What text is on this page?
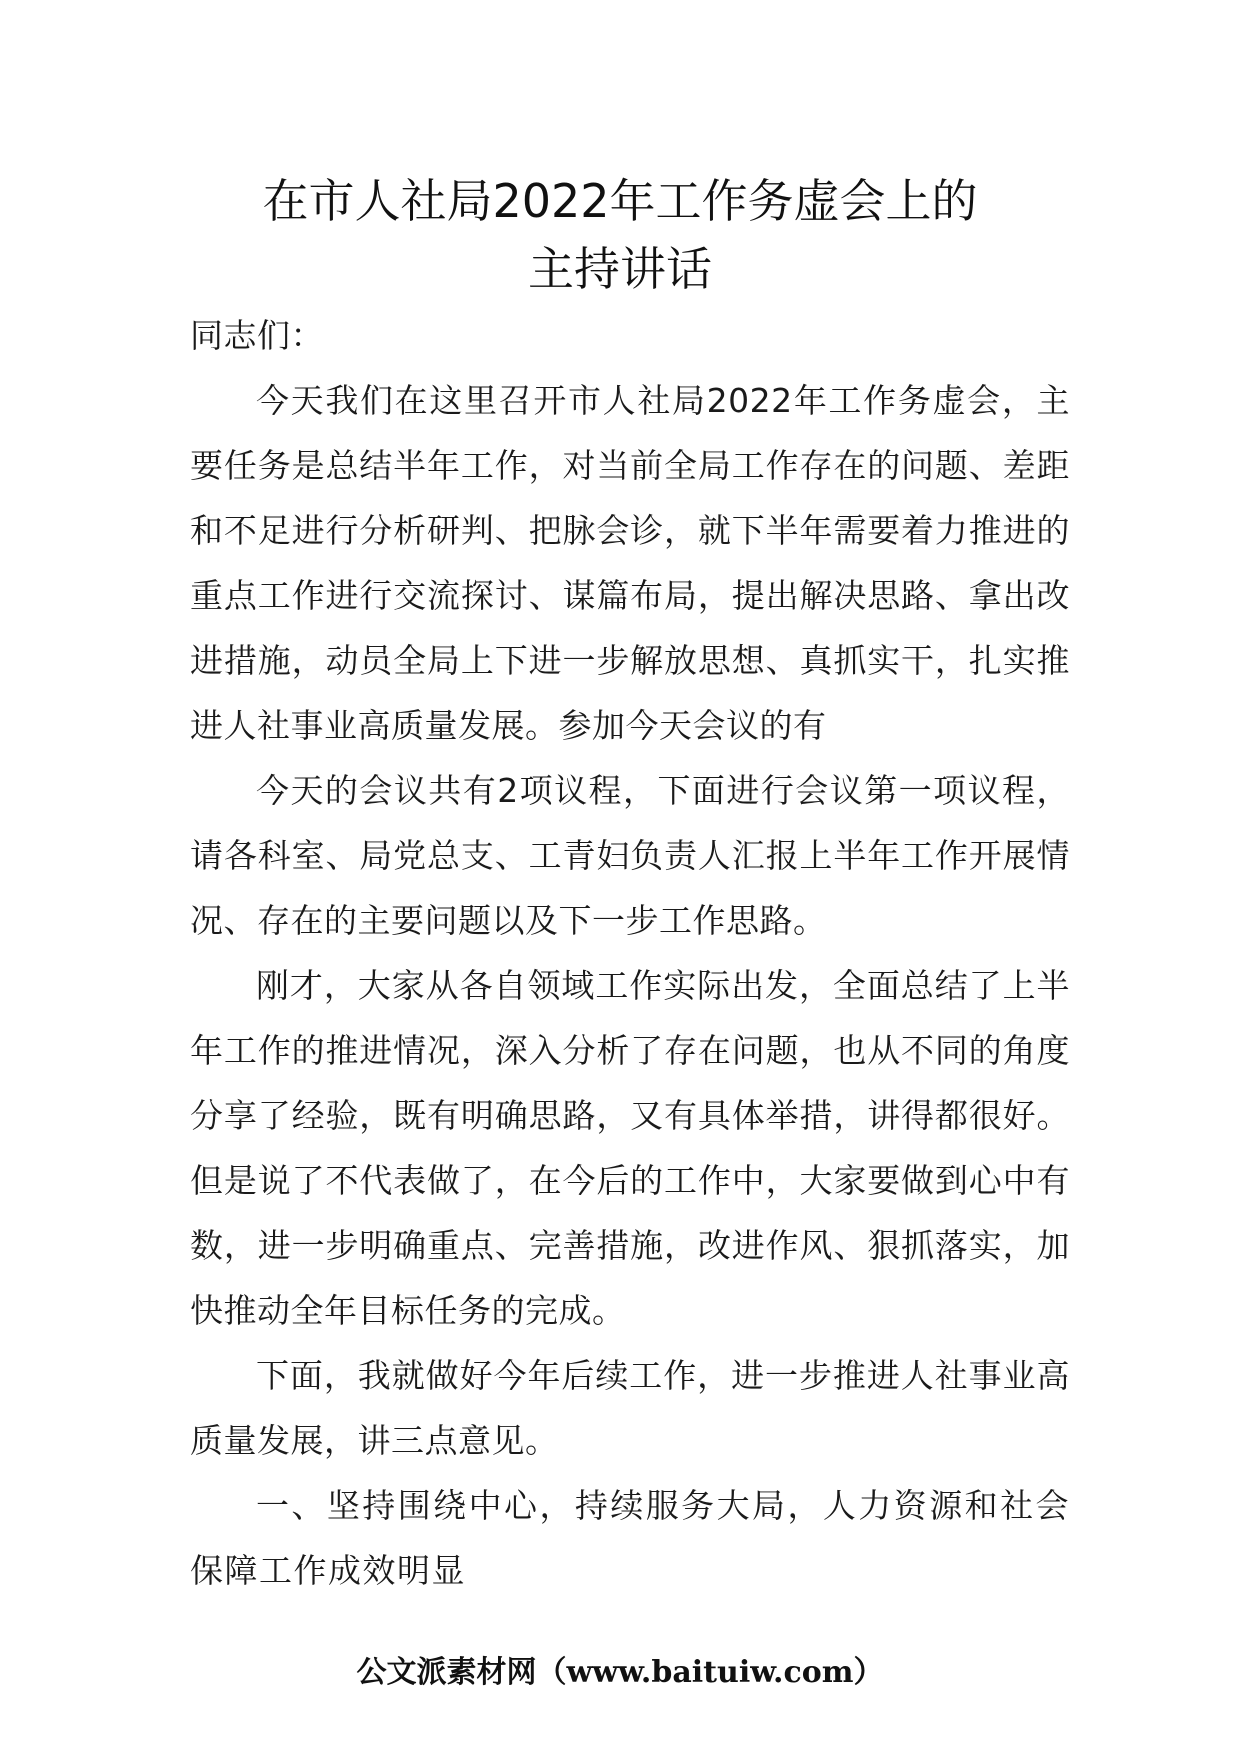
在市人社局2022年工作务虚会上的
主持讲话

同志们：

今天我们在这里召开市人社局2022年工作务虚会，主要任务是总结半年工作，对当前全局工作存在的问题、差距和不足进行分析研判、把脉会诊，就下半年需要着力推进的重点工作进行交流探讨、谋篇布局，提出解决思路、拿出改进措施，动员全局上下进一步解放思想、真抓实干，扎实推进人社事业高质量发展。参加今天会议的有

今天的会议共有2项议程，下面进行会议第一项议程，请各科室、局党总支、工青妇负责人汇报上半年工作开展情况、存在的主要问题以及下一步工作思路。

刚才，大家从各自领域工作实际出发，全面总结了上半年工作的推进情况，深入分析了存在问题，也从不同的角度分享了经验，既有明确思路，又有具体举措，讲得都很好。但是说了不代表做了，在今后的工作中，大家要做到心中有数，进一步明确重点、完善措施，改进作风、狠抓落实，加快推动全年目标任务的完成。

下面，我就做好今年后续工作，进一步推进人社事业高质量发展，讲三点意见。

一、坚持围绕中心，持续服务大局，人力资源和社会保障工作成效明显

公文派素材网（www.baituiw.com）
